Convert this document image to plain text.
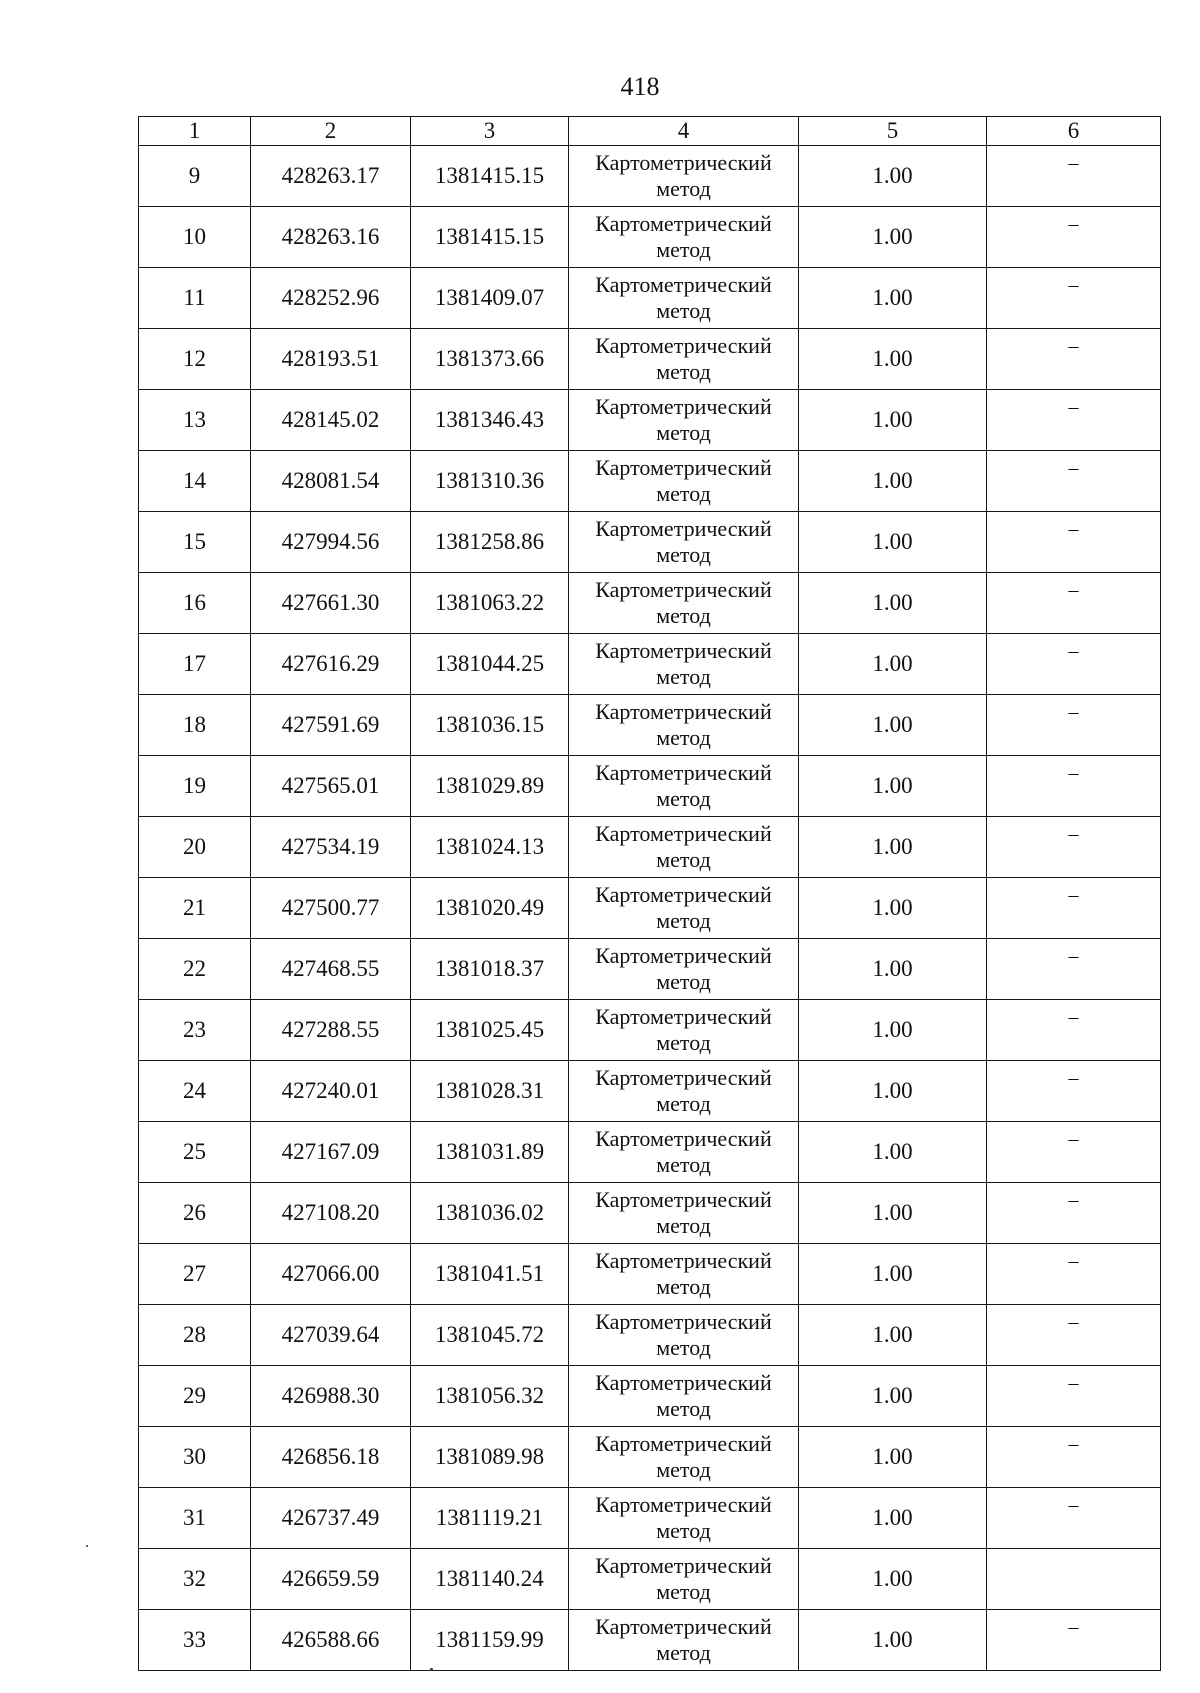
418
1	2	3	4	5	6
9	428263.17	1381415.15	Картометрический
метод	1.00	–
10	428263.16	1381415.15	Картометрический
метод	1.00	–
11	428252.96	1381409.07	Картометрический
метод	1.00	–
12	428193.51	1381373.66	Картометрический
метод	1.00	–
13	428145.02	1381346.43	Картометрический
метод	1.00	–
14	428081.54	1381310.36	Картометрический
метод	1.00	–
15	427994.56	1381258.86	Картометрический
метод	1.00	–
16	427661.30	1381063.22	Картометрический
метод	1.00	–
17	427616.29	1381044.25	Картометрический
метод	1.00	–
18	427591.69	1381036.15	Картометрический
метод	1.00	–
19	427565.01	1381029.89	Картометрический
метод	1.00	–
20	427534.19	1381024.13	Картометрический
метод	1.00	–
21	427500.77	1381020.49	Картометрический
метод	1.00	–
22	427468.55	1381018.37	Картометрический
метод	1.00	–
23	427288.55	1381025.45	Картометрический
метод	1.00	–
24	427240.01	1381028.31	Картометрический
метод	1.00	–
25	427167.09	1381031.89	Картометрический
метод	1.00	–
26	427108.20	1381036.02	Картометрический
метод	1.00	–
27	427066.00	1381041.51	Картометрический
метод	1.00	–
28	427039.64	1381045.72	Картометрический
метод	1.00	–
29	426988.30	1381056.32	Картометрический
метод	1.00	–
30	426856.18	1381089.98	Картометрический
метод	1.00	–
31	426737.49	1381119.21	Картометрический
метод	1.00	–
32	426659.59	1381140.24	Картометрический
метод	1.00	
33	426588.66	1381159.99	Картометрический
метод	1.00	–
